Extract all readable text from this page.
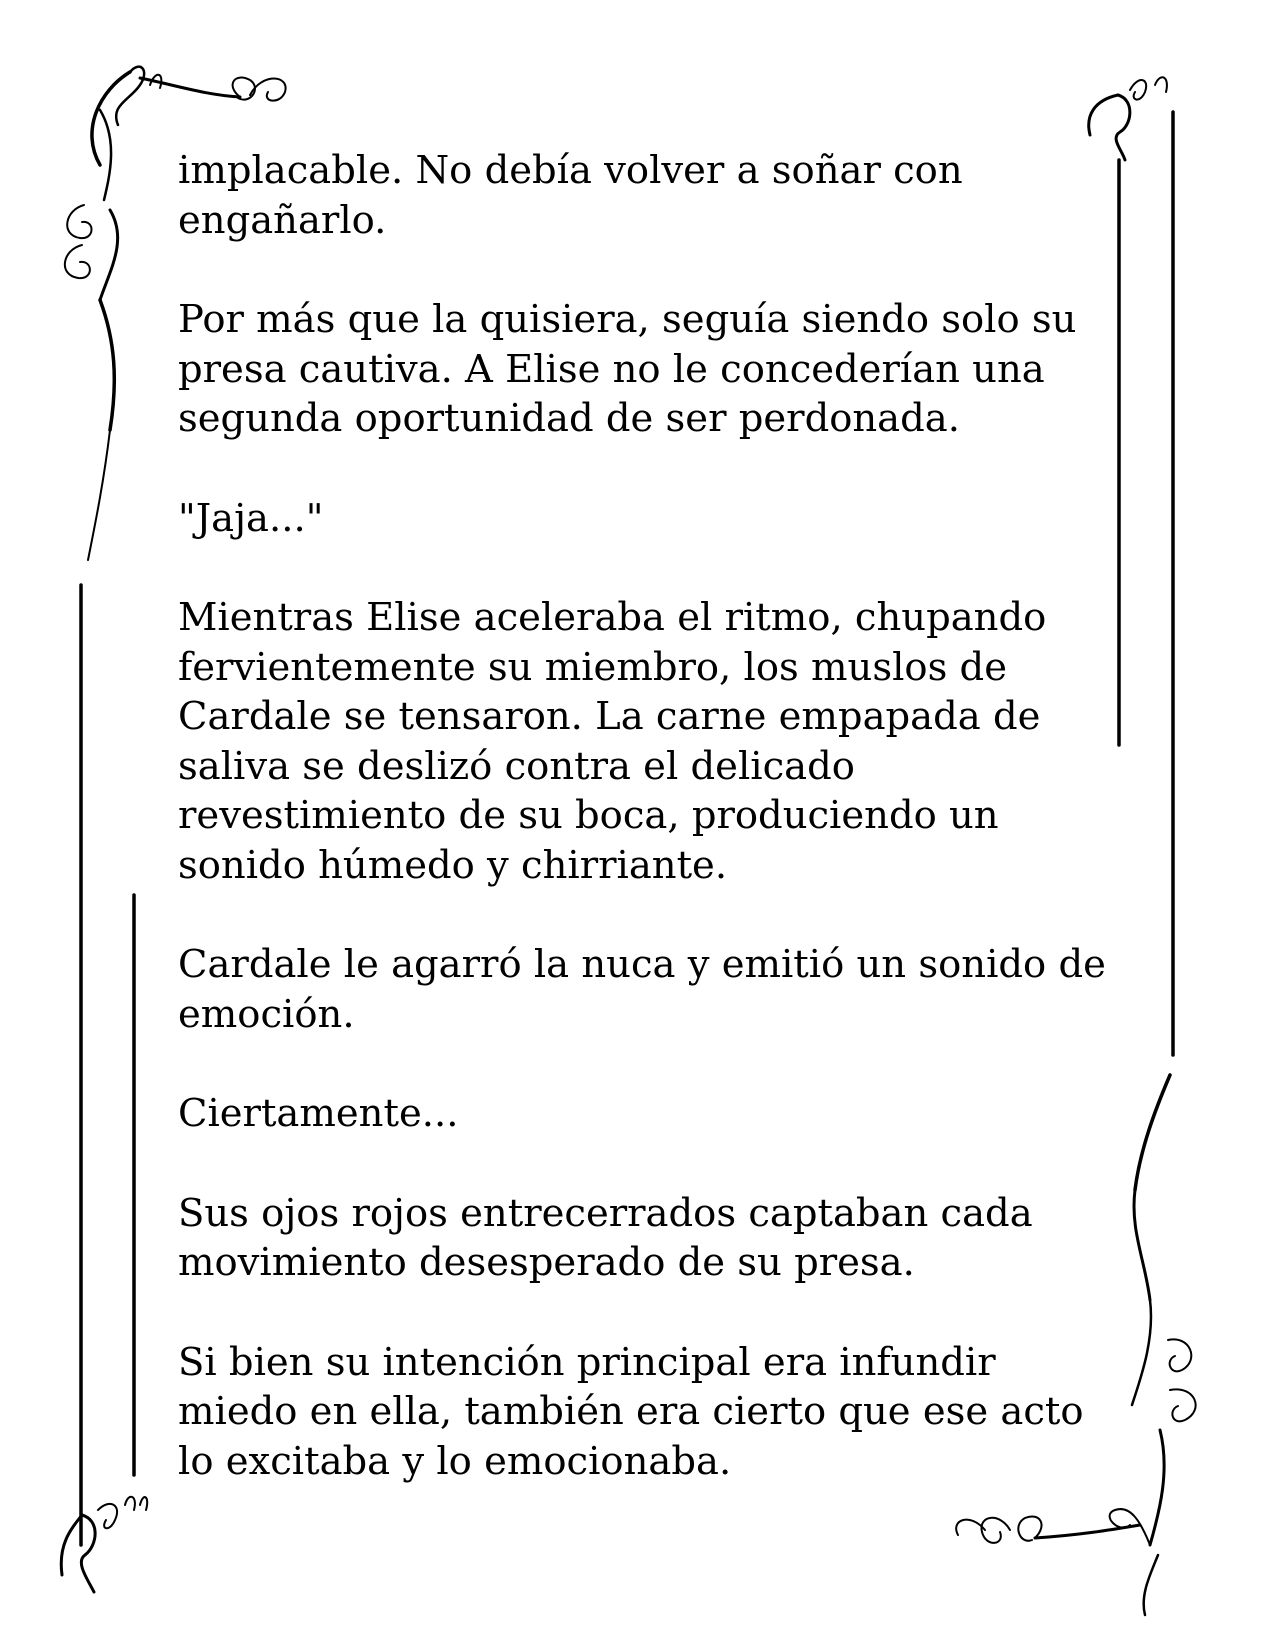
implacable. No debía volver a soñar con
engañarlo.

Por más que la quisiera, seguía siendo solo su
presa cautiva. A Elise no le concederían una
segunda oportunidad de ser perdonada.

"Jaja..."

Mientras Elise aceleraba el ritmo, chupando
fervientemente su miembro, los muslos de
Cardale se tensaron. La carne empapada de
saliva se deslizó contra el delicado
revestimiento de su boca, produciendo un
sonido húmedo y chirriante.

Cardale le agarró la nuca y emitió un sonido de
emoción.

Ciertamente...

Sus ojos rojos entrecerrados captaban cada
movimiento desesperado de su presa.

Si bien su intención principal era infundir
miedo en ella, también era cierto que ese acto
lo excitaba y lo emocionaba.
